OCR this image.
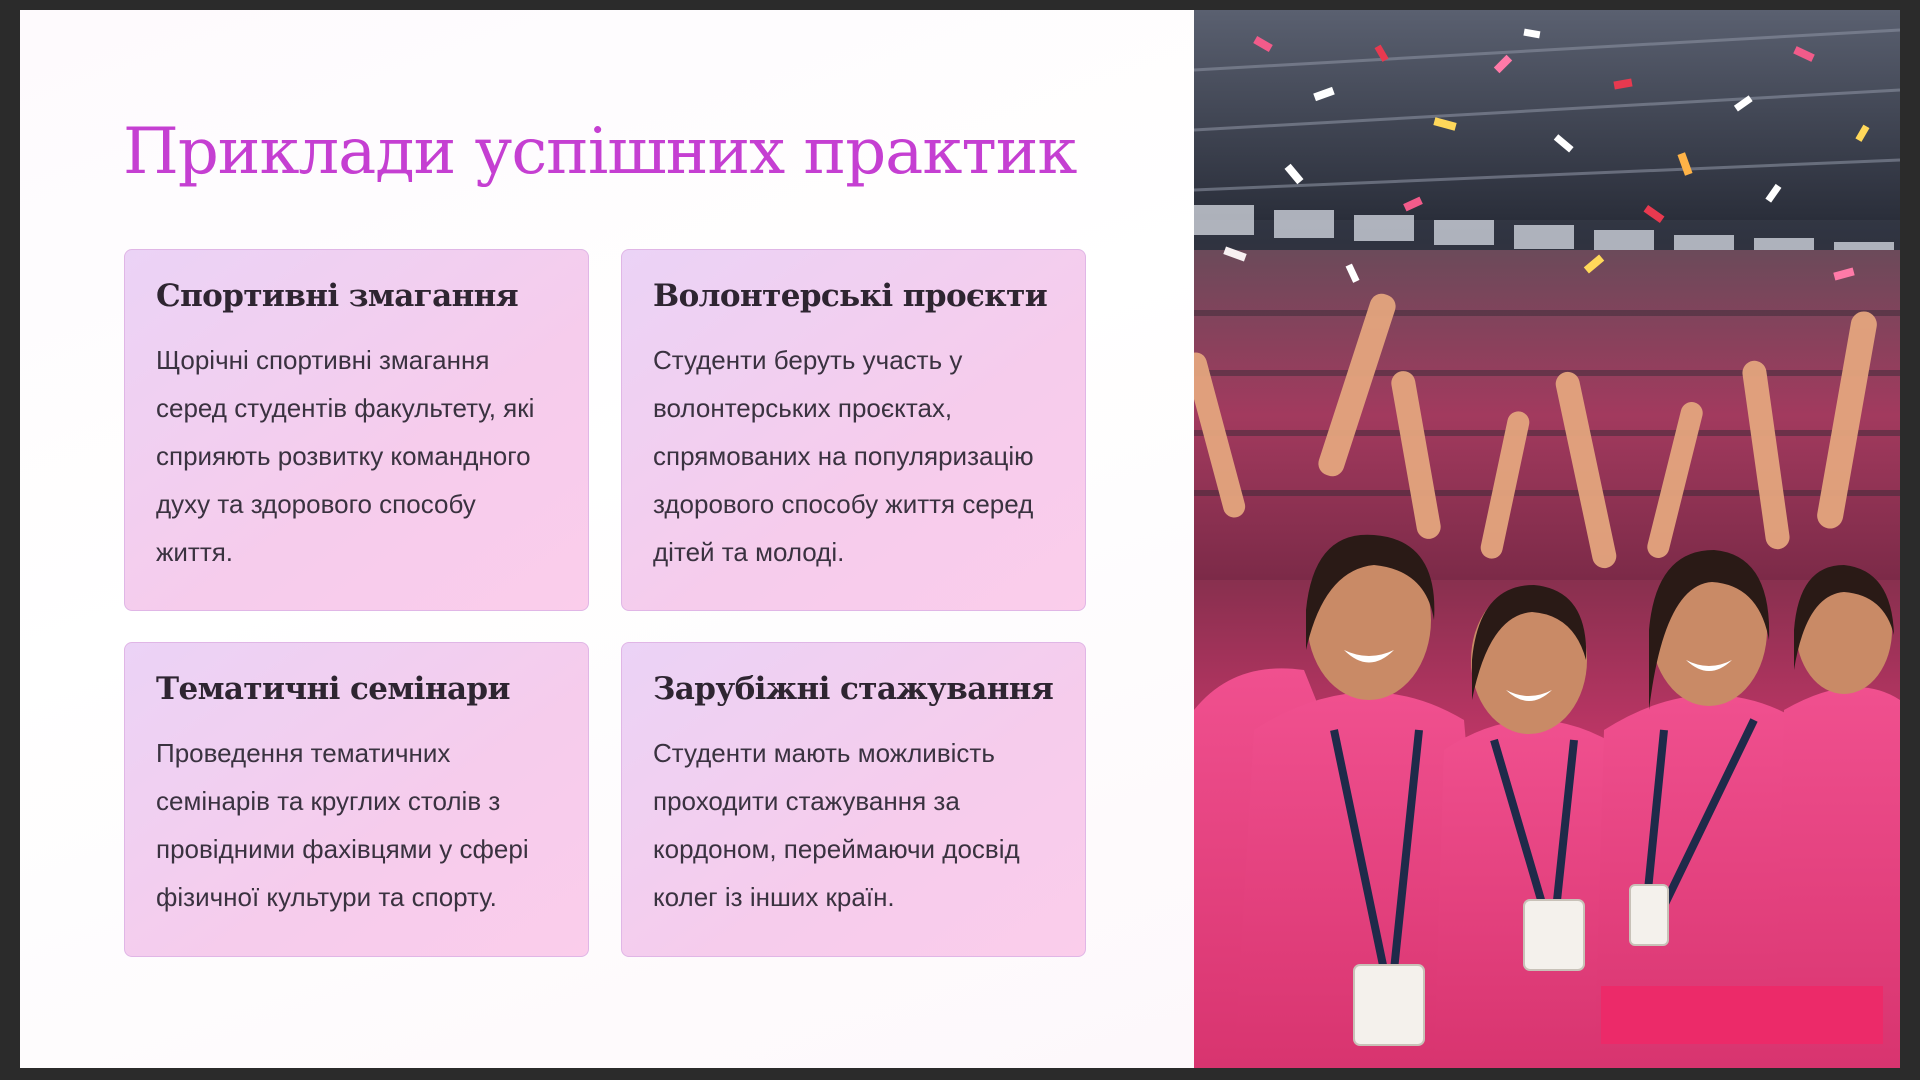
Приклади успішних практик
Спортивні змагання

Щорічні спортивні змагання серед студентів факультету, які сприяють розвитку командного духу та здорового способу життя.

Волонтерські проєкти

Студенти беруть участь у волонтерських проєктах, спрямованих на популяризацію здорового способу життя серед дітей та молоді.

Тематичні семінари

Проведення тематичних семінарів та круглих столів з провідними фахівцями у сфері фізичної культури та спорту.

Зарубіжні стажування

Студенти мають можливість проходити стажування за кордоном, переймаючи досвід колег із інших країн.
